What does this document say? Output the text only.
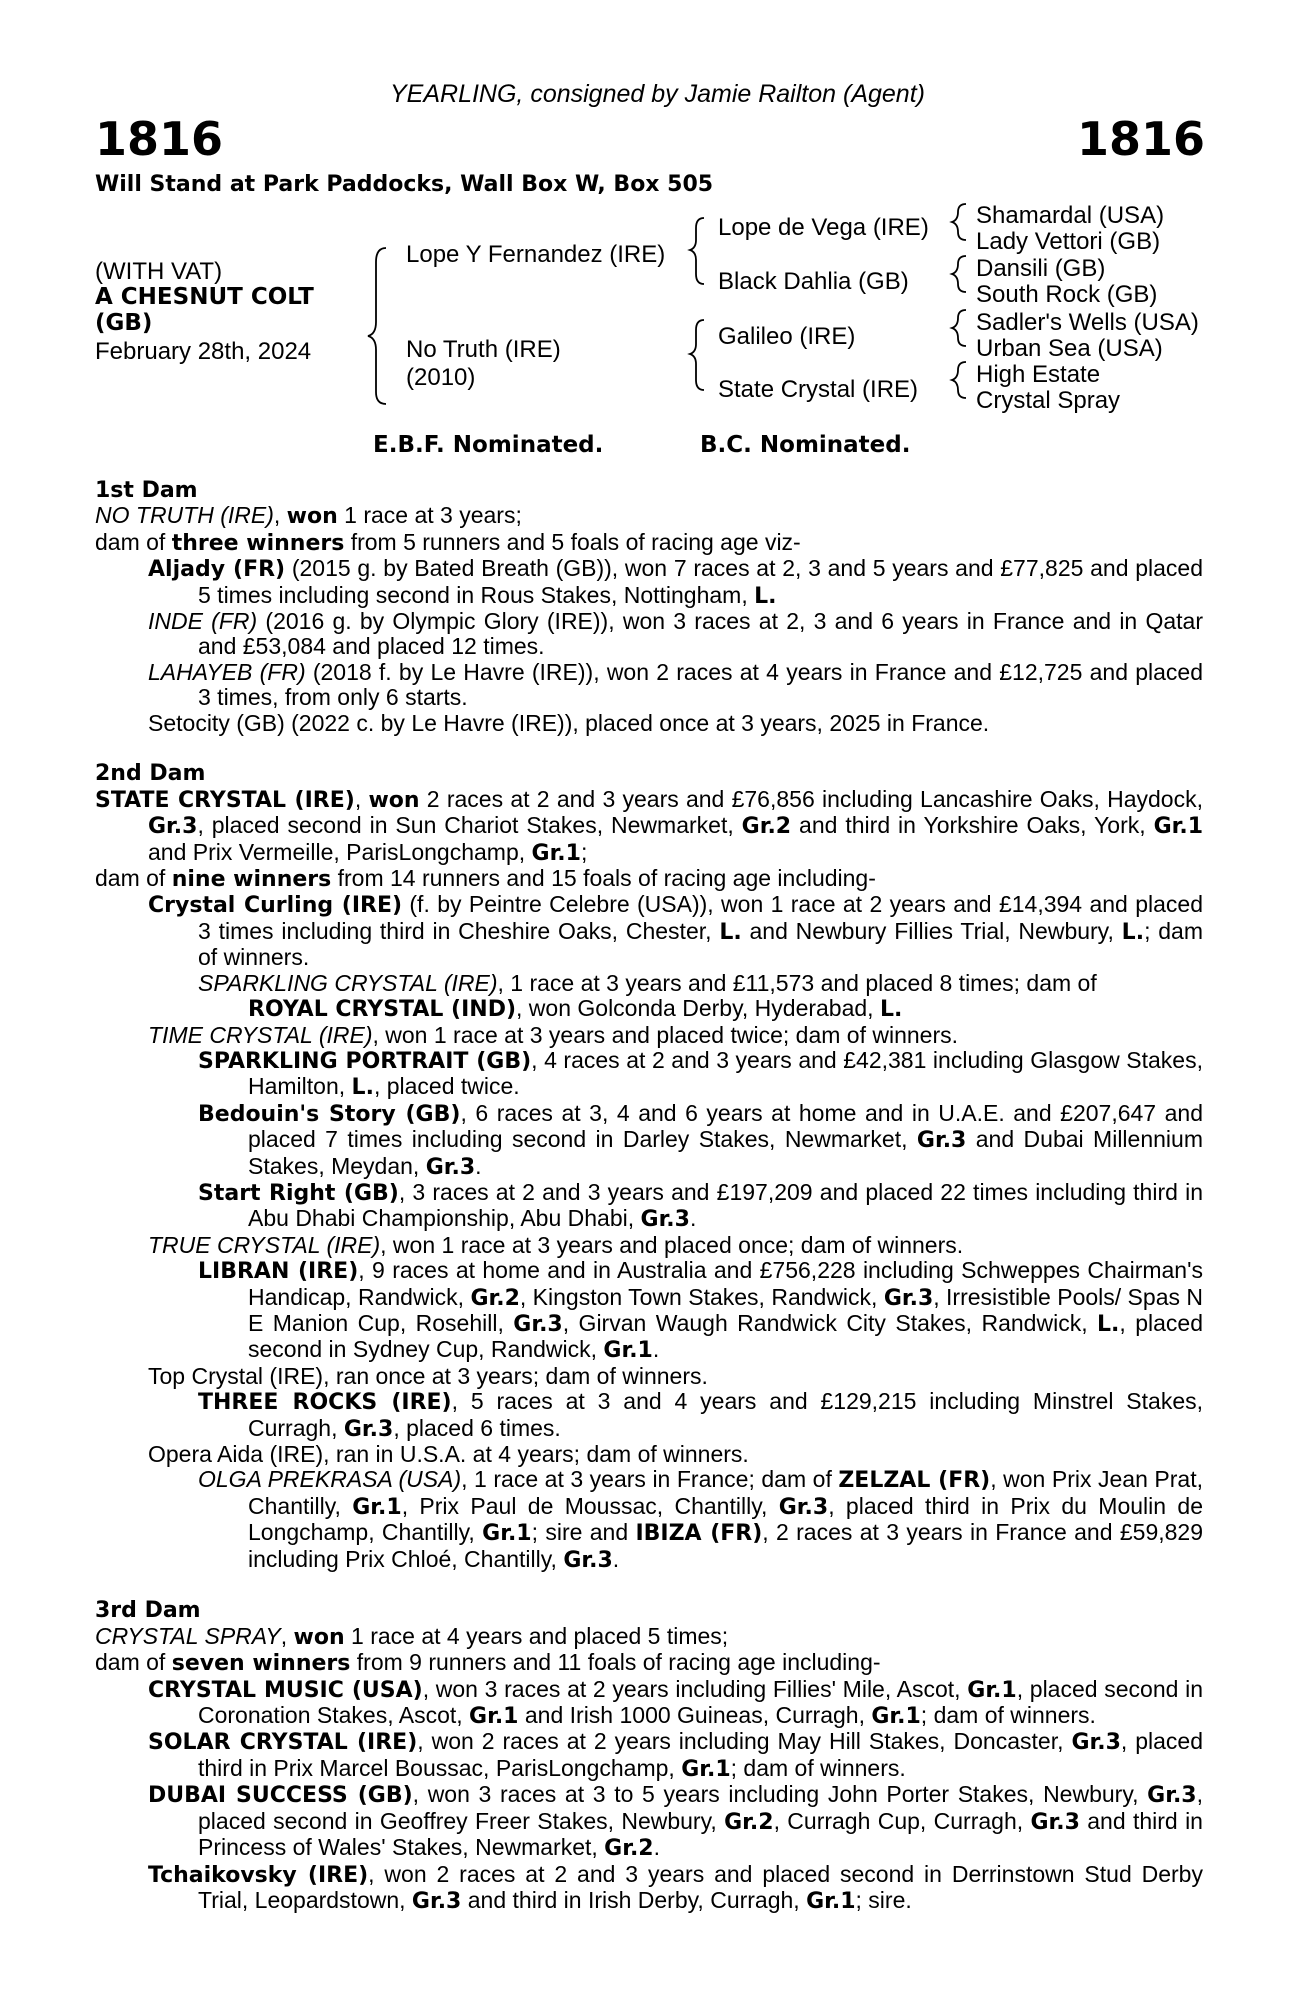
YEARLING, consigned by Jamie Railton (Agent)
1816	1816
Will Stand at Park Paddocks, Wall Box W, Box 505
(WITH VAT)
A CHESNUT COLT
(GB)
February 28th, 2024
Lope Y Fernandez (IRE)
No Truth (IRE)
(2010)
Lope de Vega (IRE)
Black Dahlia (GB)
Galileo (IRE)
State Crystal (IRE)
Shamardal (USA)
Lady Vettori (GB)
Dansili (GB)
South Rock (GB)
Sadler's Wells (USA)
Urban Sea (USA)
High Estate
Crystal Spray
E.B.F. Nominated.	B.C. Nominated.
1st Dam
NO TRUTH (IRE), won 1 race at 3 years;
dam of three winners from 5 runners and 5 foals of racing age viz-
Aljady (FR) (2015 g. by Bated Breath (GB)), won 7 races at 2, 3 and 5 years and £77,825 and placed 5 times including second in Rous Stakes, Nottingham, L.
INDE (FR) (2016 g. by Olympic Glory (IRE)), won 3 races at 2, 3 and 6 years in France and in Qatar and £53,084 and placed 12 times.
LAHAYEB (FR) (2018 f. by Le Havre (IRE)), won 2 races at 4 years in France and £12,725 and placed 3 times, from only 6 starts.
Setocity (GB) (2022 c. by Le Havre (IRE)), placed once at 3 years, 2025 in France.
2nd Dam
STATE CRYSTAL (IRE), won 2 races at 2 and 3 years and £76,856 including Lancashire Oaks, Haydock, Gr.3, placed second in Sun Chariot Stakes, Newmarket, Gr.2 and third in Yorkshire Oaks, York, Gr.1 and Prix Vermeille, ParisLongchamp, Gr.1;
dam of nine winners from 14 runners and 15 foals of racing age including-
Crystal Curling (IRE) (f. by Peintre Celebre (USA)), won 1 race at 2 years and £14,394 and placed 3 times including third in Cheshire Oaks, Chester, L. and Newbury Fillies Trial, Newbury, L.; dam of winners.
SPARKLING CRYSTAL (IRE), 1 race at 3 years and £11,573 and placed 8 times; dam of
ROYAL CRYSTAL (IND), won Golconda Derby, Hyderabad, L.
TIME CRYSTAL (IRE), won 1 race at 3 years and placed twice; dam of winners.
SPARKLING PORTRAIT (GB), 4 races at 2 and 3 years and £42,381 including Glasgow Stakes, Hamilton, L., placed twice.
Bedouin's Story (GB), 6 races at 3, 4 and 6 years at home and in U.A.E. and £207,647 and placed 7 times including second in Darley Stakes, Newmarket, Gr.3 and Dubai Millennium Stakes, Meydan, Gr.3.
Start Right (GB), 3 races at 2 and 3 years and £197,209 and placed 22 times including third in Abu Dhabi Championship, Abu Dhabi, Gr.3.
TRUE CRYSTAL (IRE), won 1 race at 3 years and placed once; dam of winners.
LIBRAN (IRE), 9 races at home and in Australia and £756,228 including Schweppes Chairman's Handicap, Randwick, Gr.2, Kingston Town Stakes, Randwick, Gr.3, Irresistible Pools/ Spas N E Manion Cup, Rosehill, Gr.3, Girvan Waugh Randwick City Stakes, Randwick, L., placed second in Sydney Cup, Randwick, Gr.1.
Top Crystal (IRE), ran once at 3 years; dam of winners.
THREE ROCKS (IRE), 5 races at 3 and 4 years and £129,215 including Minstrel Stakes, Curragh, Gr.3, placed 6 times.
Opera Aida (IRE), ran in U.S.A. at 4 years; dam of winners.
OLGA PREKRASA (USA), 1 race at 3 years in France; dam of ZELZAL (FR), won Prix Jean Prat, Chantilly, Gr.1, Prix Paul de Moussac, Chantilly, Gr.3, placed third in Prix du Moulin de Longchamp, Chantilly, Gr.1; sire and IBIZA (FR), 2 races at 3 years in France and £59,829 including Prix Chloé, Chantilly, Gr.3.
3rd Dam
CRYSTAL SPRAY, won 1 race at 4 years and placed 5 times;
dam of seven winners from 9 runners and 11 foals of racing age including-
CRYSTAL MUSIC (USA), won 3 races at 2 years including Fillies' Mile, Ascot, Gr.1, placed second in Coronation Stakes, Ascot, Gr.1 and Irish 1000 Guineas, Curragh, Gr.1; dam of winners.
SOLAR CRYSTAL (IRE), won 2 races at 2 years including May Hill Stakes, Doncaster, Gr.3, placed third in Prix Marcel Boussac, ParisLongchamp, Gr.1; dam of winners.
DUBAI SUCCESS (GB), won 3 races at 3 to 5 years including John Porter Stakes, Newbury, Gr.3, placed second in Geoffrey Freer Stakes, Newbury, Gr.2, Curragh Cup, Curragh, Gr.3 and third in Princess of Wales' Stakes, Newmarket, Gr.2.
Tchaikovsky (IRE), won 2 races at 2 and 3 years and placed second in Derrinstown Stud Derby Trial, Leopardstown, Gr.3 and third in Irish Derby, Curragh, Gr.1; sire.
